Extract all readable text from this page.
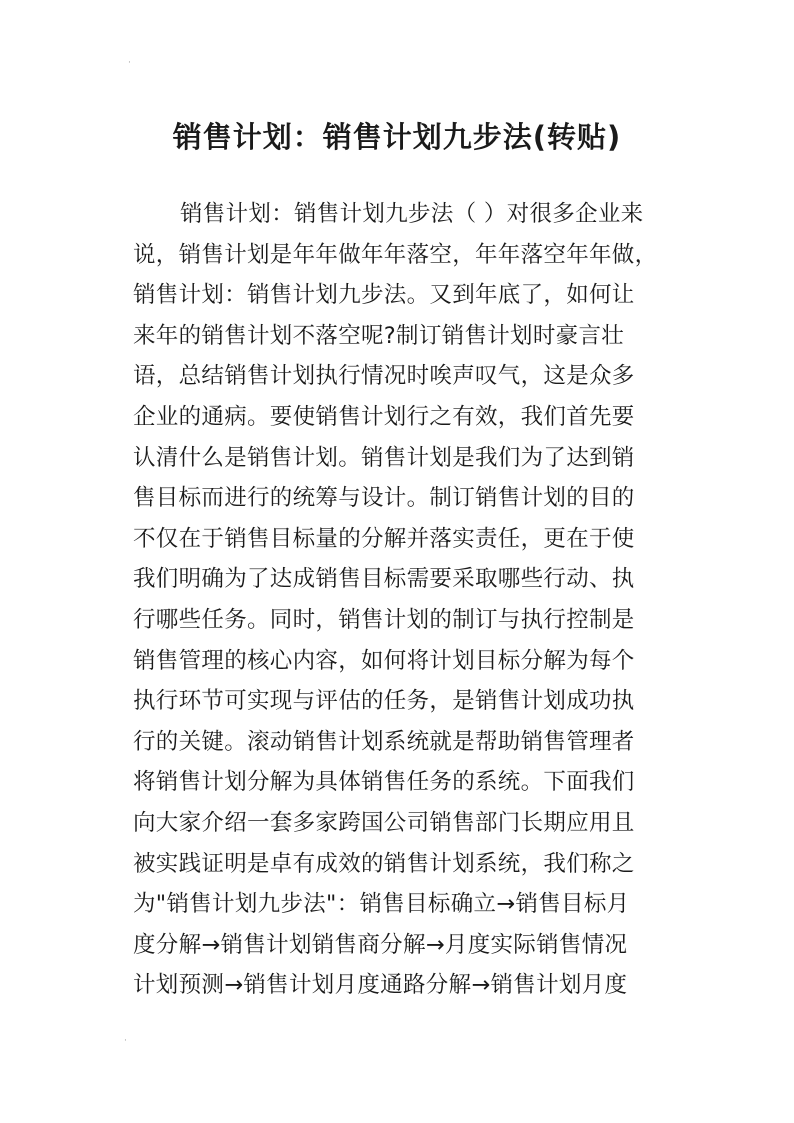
·
·
销售计划：销售计划九步法(转贴)
销售计划：销售计划九步法（ ）对很多企业来
说，销售计划是年年做年年落空，年年落空年年做，
销售计划：销售计划九步法。又到年底了，如何让
来年的销售计划不落空呢?制订销售计划时豪言壮
语，总结销售计划执行情况时唉声叹气，这是众多
企业的通病。要使销售计划行之有效，我们首先要
认清什么是销售计划。销售计划是我们为了达到销
售目标而进行的统筹与设计。制订销售计划的目的
不仅在于销售目标量的分解并落实责任，更在于使
我们明确为了达成销售目标需要采取哪些行动、执
行哪些任务。同时，销售计划的制订与执行控制是
销售管理的核心内容，如何将计划目标分解为每个
执行环节可实现与评估的任务，是销售计划成功执
行的关键。滚动销售计划系统就是帮助销售管理者
将销售计划分解为具体销售任务的系统。下面我们
向大家介绍一套多家跨国公司销售部门长期应用且
被实践证明是卓有成效的销售计划系统，我们称之
为"销售计划九步法"：销售目标确立→销售目标月
度分解→销售计划销售商分解→月度实际销售情况
计划预测→销售计划月度通路分解→销售计划月度
